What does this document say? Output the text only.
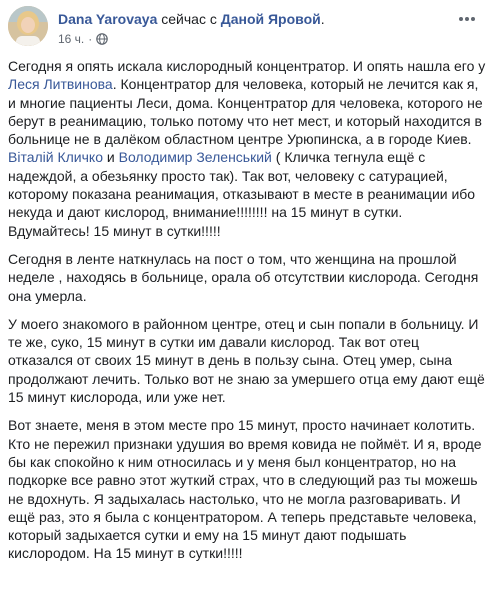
Dana Yarovaya сейчас с Даной Яровой.
16 ч. ·

Сегодня я опять искала кислородный концентратор. И опять нашла его у Леся Литвинова. Концентратор для человека, который не лечится как я, и многие пациенты Леси, дома. Концентратор для человека, которого не берут в реанимацию, только потому что нет мест, и который находится в больнице не в далёком областном центре Урюпинска, а в городе Киев.
Віталій Кличко и Володимир Зеленський ( Кличка тегнула ещё с надеждой, а обезьянку просто так). Так вот, человеку с сатурацией, которому показана реанимация, отказывают в месте в реанимации ибо некуда и дают кислород, внимание!!!!!!!! на 15 минут в сутки. Вдумайтесь! 15 минут в сутки!!!!!

Сегодня в ленте наткнулась на пост о том, что женщина на прошлой неделе , находясь в больнице, орала об отсутствии кислорода. Сегодня она умерла.

У моего знакомого в районном центре, отец и сын попали в больницу. И те же, суко, 15 минут в сутки им давали кислород. Так вот отец отказался от своих 15 минут в день в пользу сына. Отец умер, сына продолжают лечить. Только вот не знаю за умершего отца ему дают ещё 15 минут кислорода, или уже нет.

Вот знаете, меня в этом месте про 15 минут, просто начинает колотить. Кто не пережил признаки удушия во время ковида не поймёт. И я, вроде бы как спокойно к ним относилась и у меня был концентратор, но на подкорке все равно этот жуткий страх, что в следующий раз ты можешь не вдохнуть. Я задыхалась настолько, что не могла разговаривать. И ещё раз, это я была с концентратором. А теперь представьте человека, который задыхается сутки и ему на 15 минут дают подышать кислородом. На 15 минут в сутки!!!!!
